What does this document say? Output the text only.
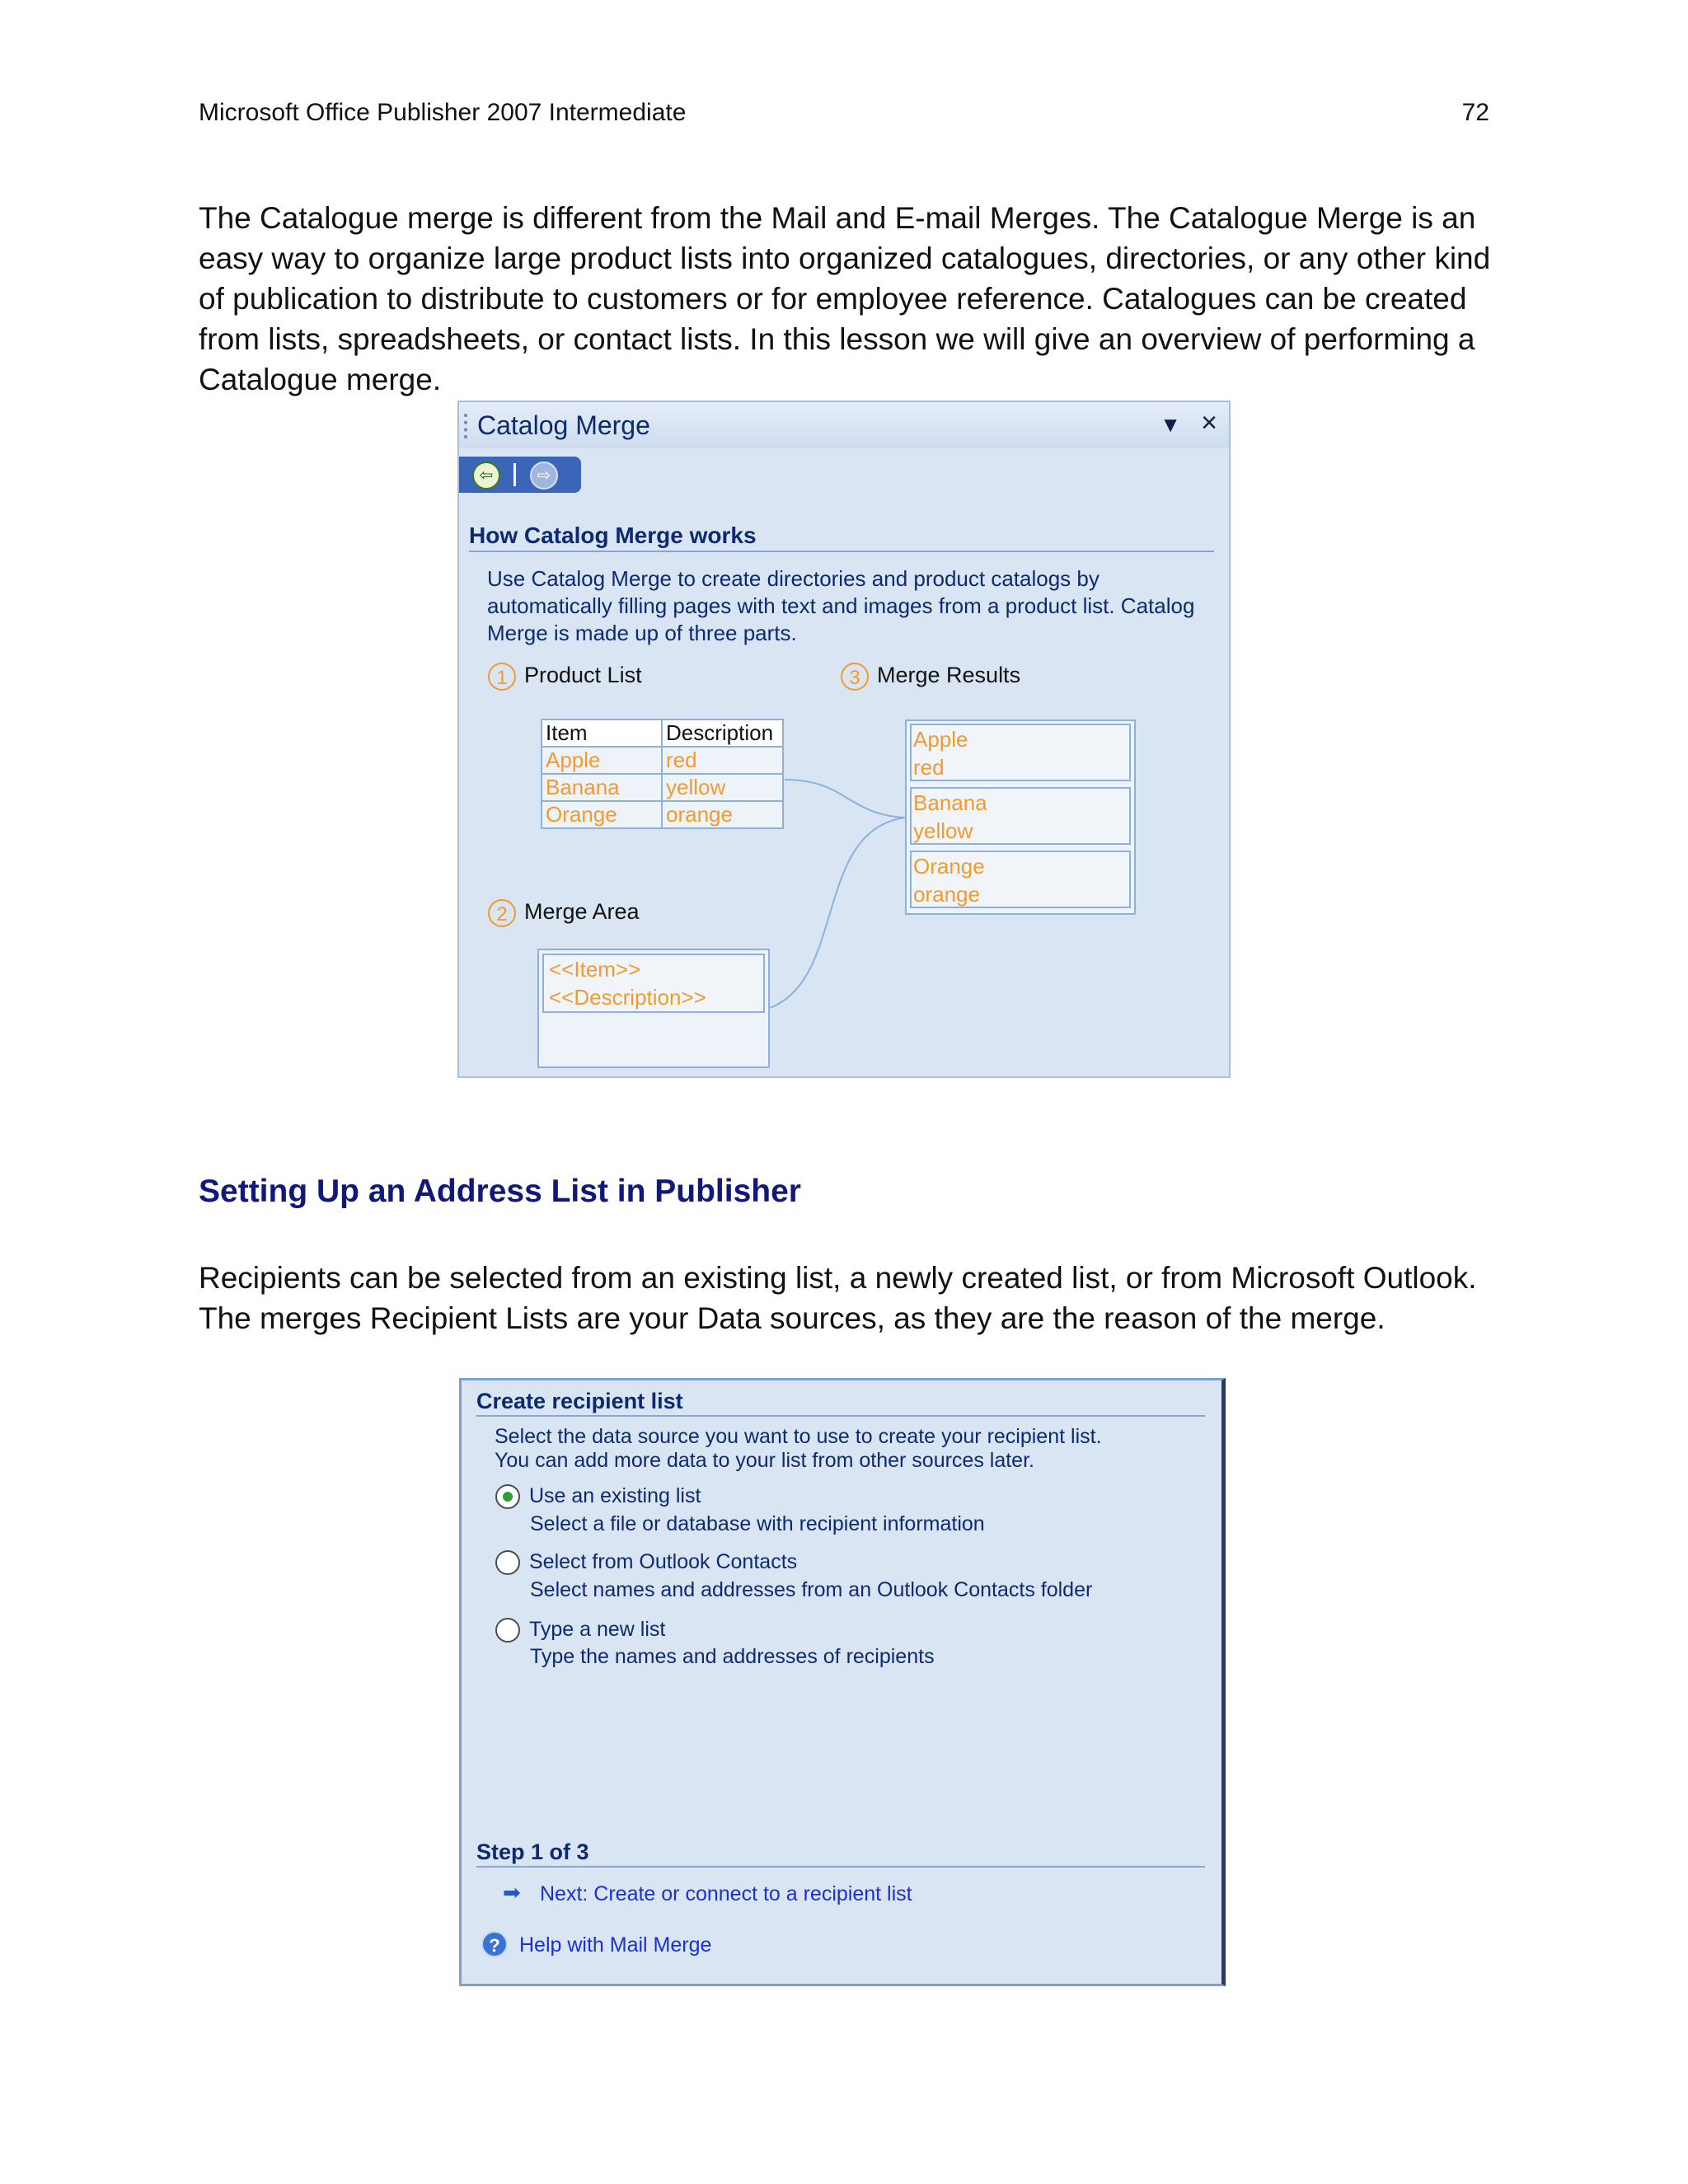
Microsoft Office Publisher 2007 Intermediate	72
The Catalogue merge is different from the Mail and E-mail Merges. The Catalogue Merge is an easy way to organize large product lists into organized catalogues, directories, or any other kind of publication to distribute to customers or for employee reference. Catalogues can be created from lists, spreadsheets, or contact lists. In this lesson we will give an overview of performing a Catalogue merge.
Catalog Merge	▼ ×
⇦	⇨
How Catalog Merge works
Use Catalog Merge to create directories and product catalogs by automatically filling pages with text and images from a product list. Catalog Merge is made up of three parts.
1 Product List	3 Merge Results
2 Merge Area
Item	Description
Apple	red
Banana	yellow
Orange	orange
Apple
red
Banana
yellow
Orange
orange
<<Item>>
<<Description>>
Setting Up an Address List in Publisher
Recipients can be selected from an existing list, a newly created list, or from Microsoft Outlook. The merges Recipient Lists are your Data sources, as they are the reason of the merge.
Create recipient list
Select the data source you want to use to create your recipient list.
You can add more data to your list from other sources later.
Use an existing list
Select a file or database with recipient information
Select from Outlook Contacts
Select names and addresses from an Outlook Contacts folder
Type a new list
Type the names and addresses of recipients
Step 1 of 3
➡ Next: Create or connect to a recipient list
? Help with Mail Merge
